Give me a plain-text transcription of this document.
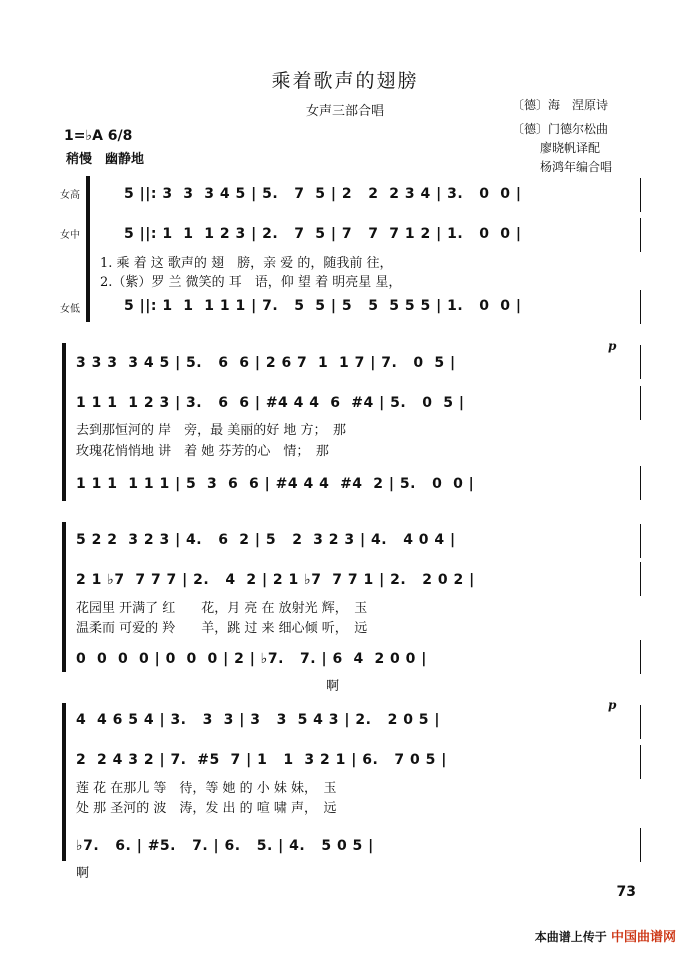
乘着歌声的翅膀
女声三部合唱	〔德〕海　涅原诗
〔德〕门德尔松曲
廖晓帆译配
杨鸿年编合唱
1=♭A 6/8
稍慢　幽静地
女高
女中
女低
5 ||: 3  3  3 4 5 | 5.   7  5 | 2   2  2 3 4 | 3.   0  0 |
5 ||: 1  1  1 2 3 | 2.   7  5 | 7   7  7 1 2 | 1.   0  0 |
1. 乘 着 这 歌声的 翅　膀，亲 爱 的，随我前 往，
2.（紫）罗 兰 微笑的 耳　语，仰 望 着 明亮星 星，
5 ||: 1  1  1 1 1 | 7.   5  5 | 5   5  5 5 5 | 1.   0  0 |
3 3 3  3 4 5 | 5.   6  6 | 2 6 7  1  1 7 | 7.   0  5 |
1 1 1  1 2 3 | 3.   6  6 | #4 4 4  6  #4 | 5.   0  5 |
去到那恒河的 岸　旁，最 美丽的好 地 方；　那
玫瑰花悄悄地 讲　着 她 芬芳的心　情；　那
1 1 1  1 1 1 | 5  3  6  6 | #4 4 4  #4  2 | 5.   0  0 |
p
5 2 2  3 2 3 | 4.   6  2 | 5   2  3 2 3 | 4.   4 0 4 |
2 1 ♭7  7 7 7 | 2.   4  2 | 2 1 ♭7  7 7 1 | 2.   2 0 2 |
花园里 开满了 红　　花，月 亮 在 放射光 辉，　玉
温柔而 可爱的 羚　　羊，跳 过 来 细心倾 听，　远
0  0  0  0 | 0  0  0 | 2 | ♭7.   7. | 6  4  2 0 0 |
啊
4  4 6 5 4 | 3.   3  3 | 3   3  5 4 3 | 2.   2 0 5 |
2  2 4 3 2 | 7.  #5  7 | 1   1  3 2 1 | 6.   7 0 5 |
莲 花 在那儿 等　待，等 她 的 小 妹 妹，　玉
处 那 圣河的 波　涛，发 出 的 喧 啸 声，　远
♭7.   6. | #5.   7. | 6.   5. | 4.   5 0 5 |
啊
p
73
本曲谱上传于 中国曲谱网
